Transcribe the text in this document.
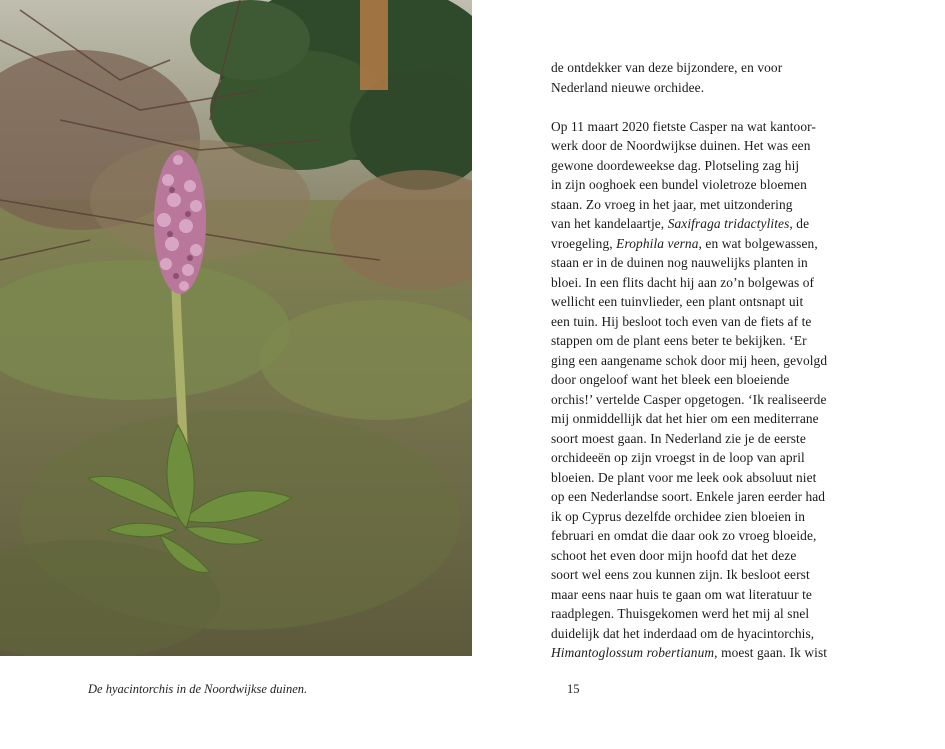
de ontdekker van deze bijzondere, en voor
Nederland nieuwe orchidee.
Op 11 maart 2020 fietste Casper na wat kantoor-
werk door de Noordwijkse duinen. Het was een
gewone doordeweekse dag. Plotseling zag hij
in zijn ooghoek een bundel violetroze bloemen
staan. Zo vroeg in het jaar, met uitzondering
van het kandelaartje, Saxifraga tridactylites, de
vroegeling, Erophila verna, en wat bolgewassen,
staan er in de duinen nog nauwelijks planten in
bloei. In een flits dacht hij aan zo’n bolgewas of
wellicht een tuinvlieder, een plant ontsnapt uit
een tuin. Hij besloot toch even van de fiets af te
stappen om de plant eens beter te bekijken. ‘Er
ging een aangename schok door mij heen, gevolgd
door ongeloof want het bleek een bloeiende
orchis!’ vertelde Casper opgetogen. ‘Ik realiseerde
mij onmiddellijk dat het hier om een mediterrane
soort moest gaan. In Nederland zie je de eerste
orchideeën op zijn vroegst in de loop van april
bloeien. De plant voor me leek ook absoluut niet
op een Nederlandse soort. Enkele jaren eerder had
ik op Cyprus dezelfde orchidee zien bloeien in
februari en omdat die daar ook zo vroeg bloeide,
schoot het even door mijn hoofd dat het deze
soort wel eens zou kunnen zijn. Ik besloot eerst
maar eens naar huis te gaan om wat literatuur te
raadplegen. Thuisgekomen werd het mij al snel
duidelijk dat het inderdaad om de hyacintorchis,
Himantoglossum robertianum, moest gaan. Ik wist
De hyacintorchis in de Noordwijkse duinen.	15
